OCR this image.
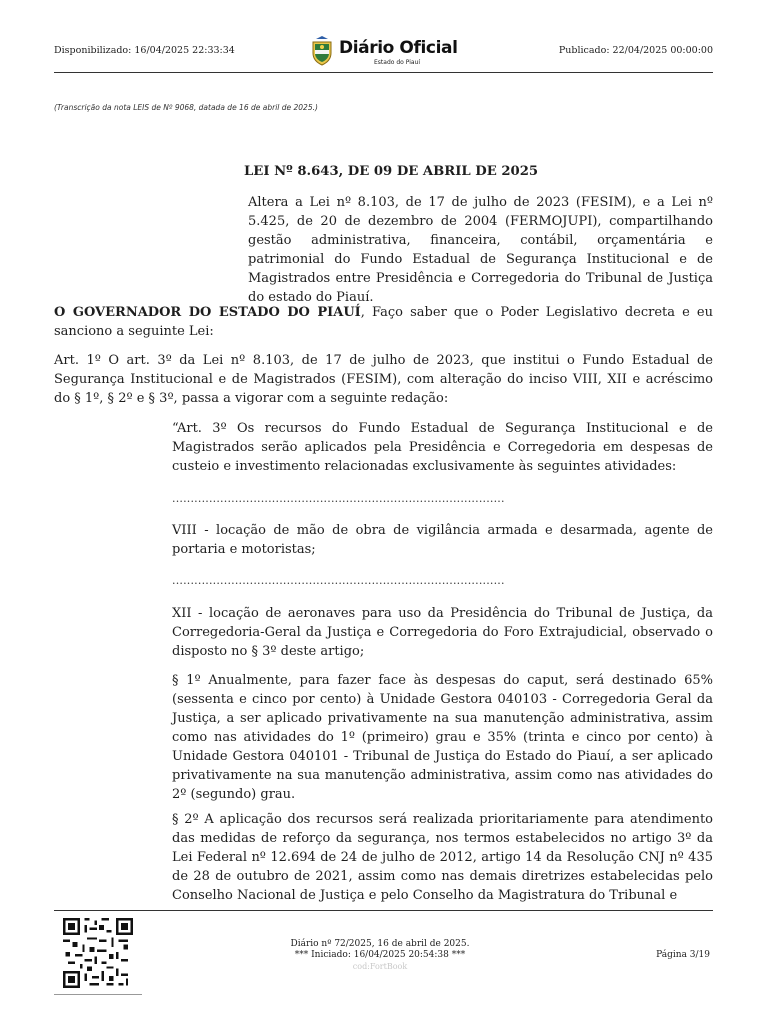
Disponibilizado: 16/04/2025 22:33:34	Diário Oficial
Estado do Piauí
Publicado: 22/04/2025 00:00:00
(Transcrição da nota LEIS de Nº 9068, datada de 16 de abril de 2025.)
LEI Nº 8.643, DE 09 DE ABRIL DE 2025
Altera a Lei nº 8.103, de 17 de julho de 2023 (FESIM), e a Lei nº 5.425, de 20 de dezembro de 2004 (FERMOJUPI), compartilhando gestão administrativa, financeira, contábil, orçamentária e patrimonial do Fundo Estadual de Segurança Institucional e de Magistrados entre Presidência e Corregedoria do Tribunal de Justiça do estado do Piauí.
O GOVERNADOR DO ESTADO DO PIAUÍ, Faço saber que o Poder Legislativo decreta e eu sanciono a seguinte Lei:
Art. 1º O art. 3º da Lei nº 8.103, de 17 de julho de 2023, que institui o Fundo Estadual de Segurança Institucional e de Magistrados (FESIM), com alteração do inciso VIII, XII e acréscimo do § 1º, § 2º e § 3º, passa a vigorar com a seguinte redação:
“Art. 3º Os recursos do Fundo Estadual de Segurança Institucional e de Magistrados serão aplicados pela Presidência e Corregedoria em despesas de custeio e investimento relacionadas exclusivamente às seguintes atividades:
..........................................................................................
VIII - locação de mão de obra de vigilância armada e desarmada, agente de portaria e motoristas;
..........................................................................................
XII - locação de aeronaves para uso da Presidência do Tribunal de Justiça, da Corregedoria-Geral da Justiça e Corregedoria do Foro Extrajudicial, observado o disposto no § 3º deste artigo;
§ 1º Anualmente, para fazer face às despesas do caput, será destinado 65% (sessenta e cinco por cento) à Unidade Gestora 040103 - Corregedoria Geral da Justiça, a ser aplicado privativamente na sua manutenção administrativa, assim como nas atividades do 1º (primeiro) grau e 35% (trinta e cinco por cento) à Unidade Gestora 040101 - Tribunal de Justiça do Estado do Piauí, a ser aplicado privativamente na sua manutenção administrativa, assim como nas atividades do 2º (segundo) grau.
§ 2º A aplicação dos recursos será realizada prioritariamente para atendimento das medidas de reforço da segurança, nos termos estabelecidos no artigo 3º da Lei Federal nº 12.694 de 24 de julho de 2012, artigo 14 da Resolução CNJ nº 435 de 28 de outubro de 2021, assim como nas demais diretrizes estabelecidas pelo Conselho Nacional de Justiça e pelo Conselho da Magistratura do Tribunal e
Diário nº 72/2025, 16 de abril de 2025.
*** Iniciado: 16/04/2025 20:54:38 ***
cod:FortBook
Página 3/19
